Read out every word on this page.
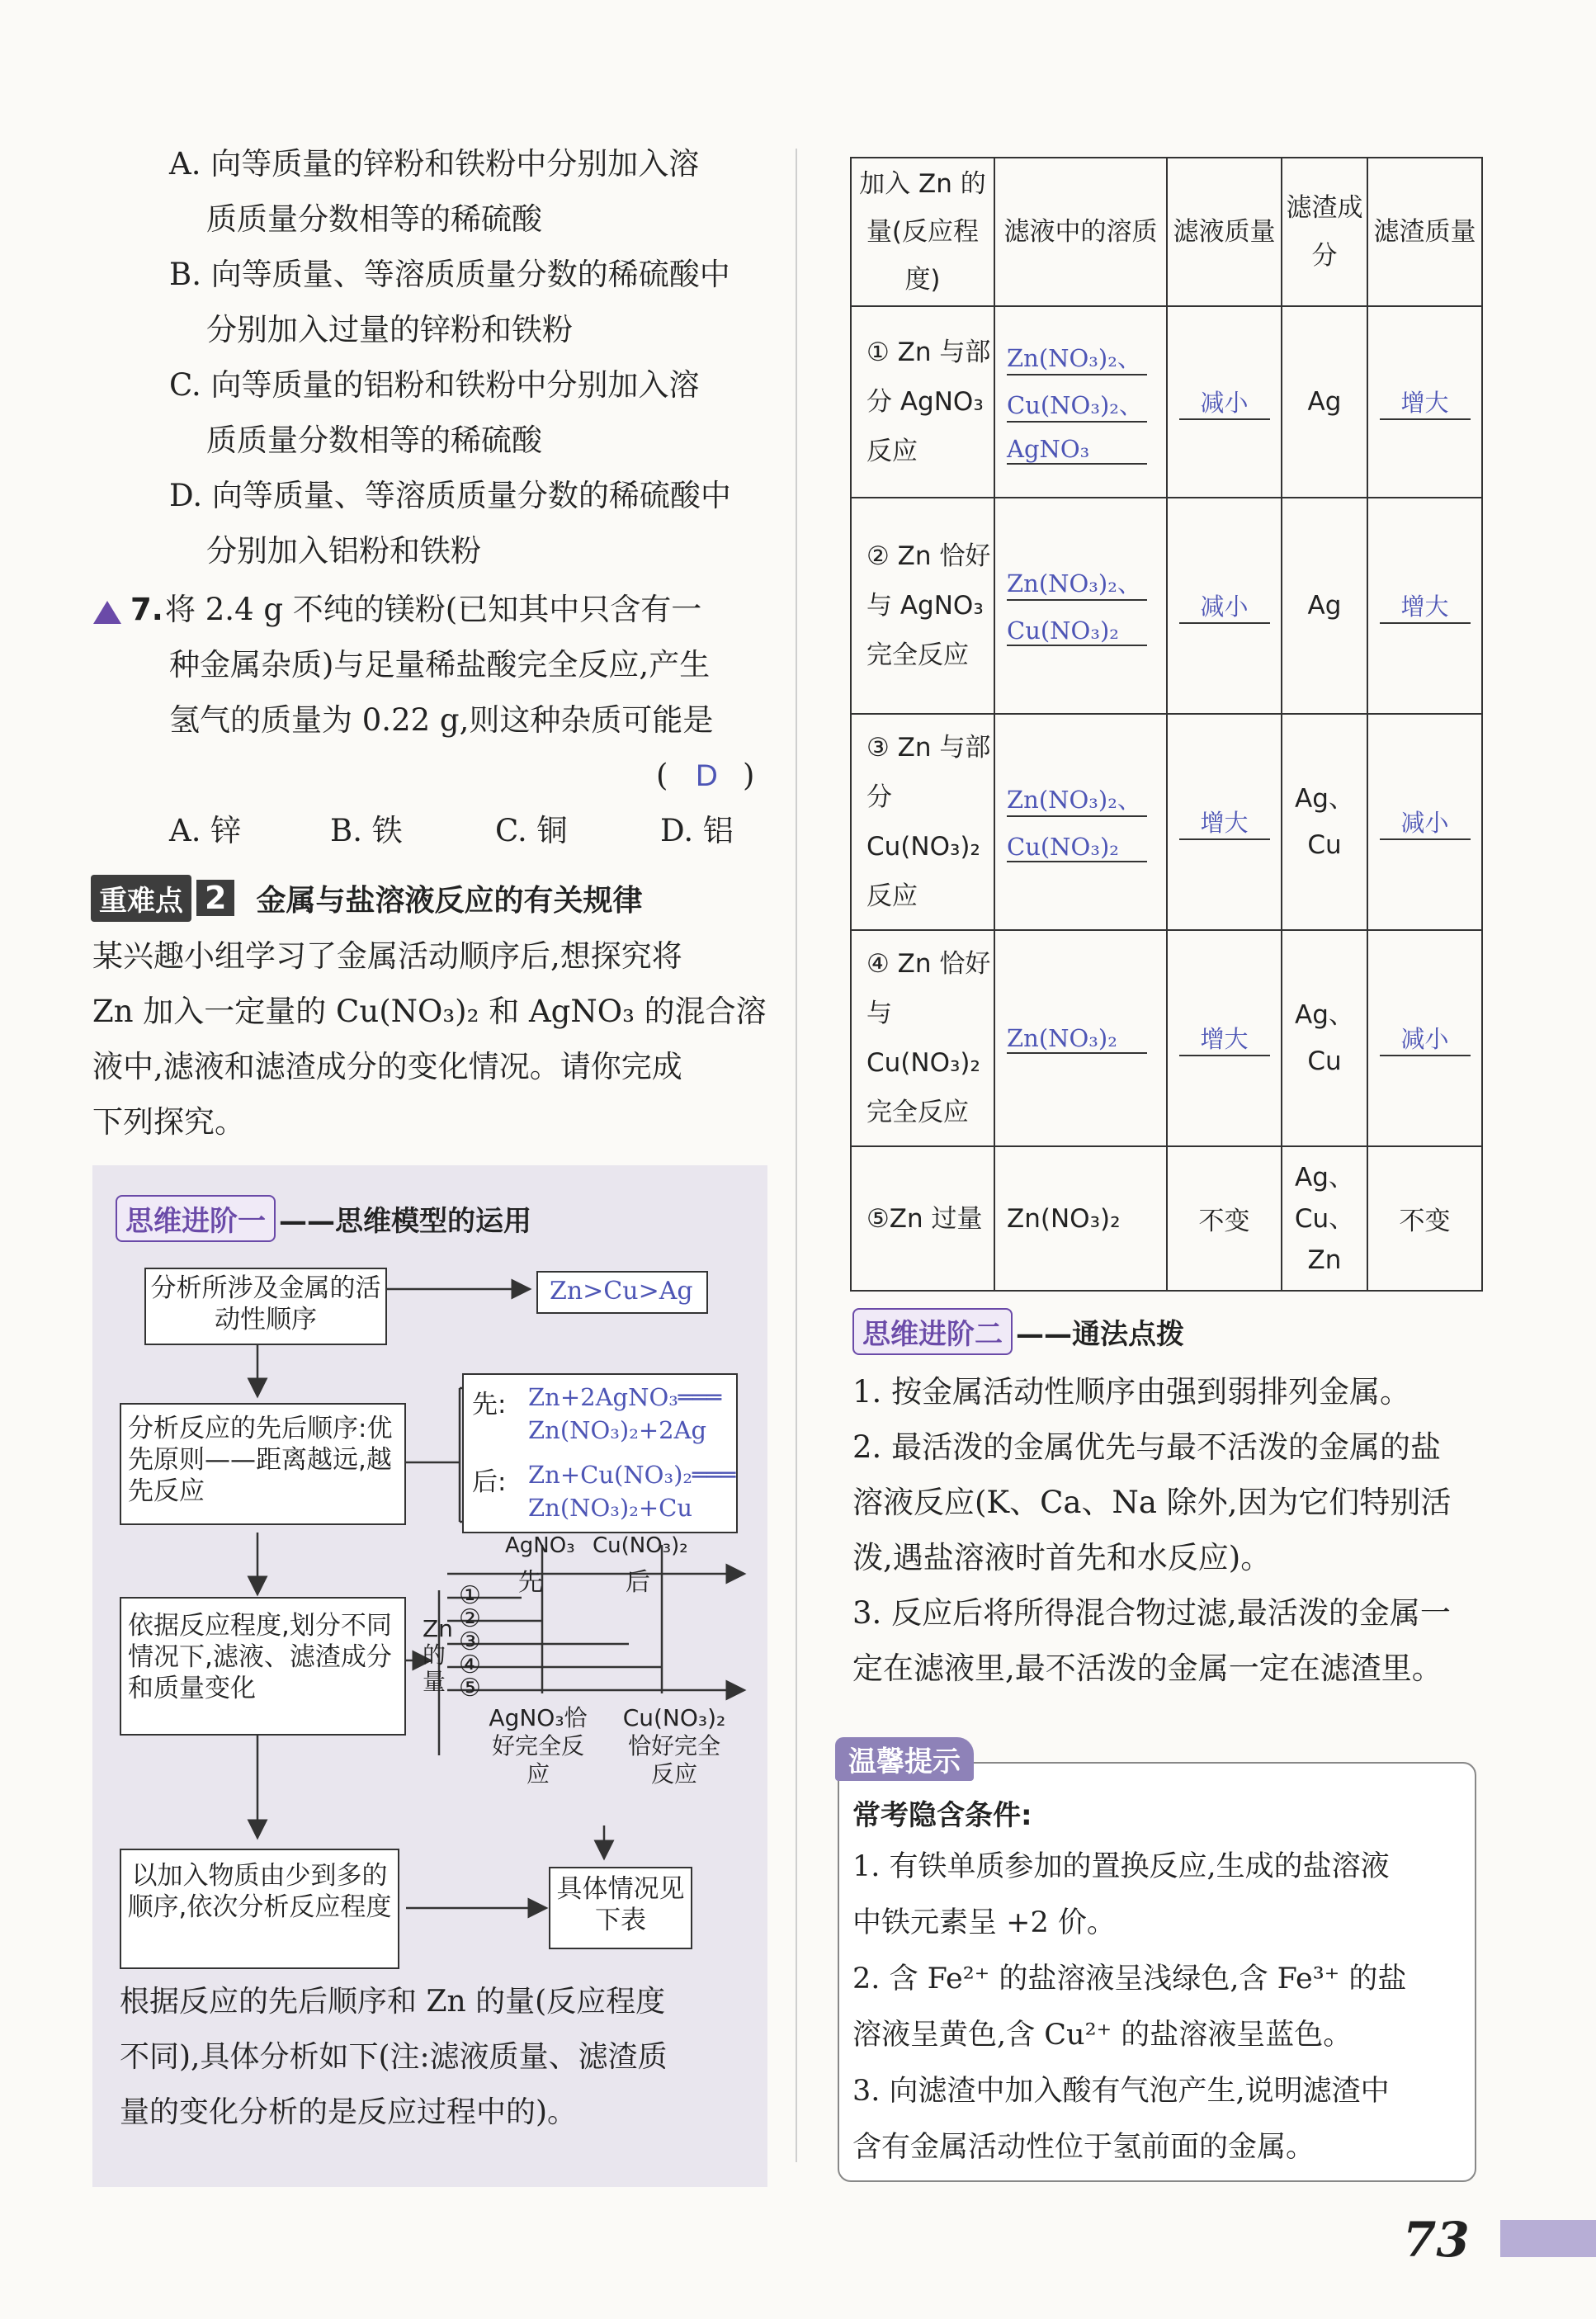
A. 向等质量的锌粉和铁粉中分别加入溶
质质量分数相等的稀硫酸
B. 向等质量、等溶质质量分数的稀硫酸中
分别加入过量的锌粉和铁粉
C. 向等质量的铝粉和铁粉中分别加入溶
质质量分数相等的稀硫酸
D. 向等质量、等溶质质量分数的稀硫酸中
分别加入铝粉和铁粉
7. 将 2.4 g 不纯的镁粉(已知其中只含有一
种金属杂质)与足量稀盐酸完全反应,产生
氢气的质量为 0.22 g,则这种杂质可能是
( D )
A. 锌	B. 铁	C. 铜	D. 铝
重难点 2 金属与盐溶液反应的有关规律
某兴趣小组学习了金属活动顺序后,想探究将
Zn 加入一定量的 Cu(NO₃)₂ 和 AgNO₃ 的混合溶
液中,滤液和滤渣成分的变化情况。请你完成
下列探究。
思维进阶一 ——思维模型的运用
分析所涉及金属的活动性顺序
Zn>Cu>Ag
分析反应的先后顺序:优先原则——距离越远,越先反应
先: Zn+2AgNO₃═══
Zn(NO₃)₂+2Ag
后: Zn+Cu(NO₃)₂═══
Zn(NO₃)₂+Cu
依据反应程度,划分不同情况下,滤液、滤渣成分和质量变化
AgNO₃ Cu(NO₃)₂
先	后
Zn的量
①
②
③
④
⑤
AgNO₃恰好完全反应
Cu(NO₃)₂恰好完全反应
以加入物质由少到多的顺序,依次分析反应程度
具体情况见下表
根据反应的先后顺序和 Zn 的量(反应程度
不同),具体分析如下(注:滤液质量、滤渣质
量的变化分析的是反应过程中的)。
加入 Zn 的量(反应程度)	滤液中的溶质	滤液质量	滤渣成分	滤渣质量
① Zn 与部分 AgNO₃ 反应	Zn(NO₃)₂、
Cu(NO₃)₂、
AgNO₃	减小	Ag	增大
② Zn 恰好与 AgNO₃ 完全反应	Zn(NO₃)₂、
Cu(NO₃)₂	减小	Ag	增大
③ Zn 与部分 Cu(NO₃)₂ 反应	Zn(NO₃)₂、
Cu(NO₃)₂	增大	Ag、Cu	减小
④ Zn 恰好与 Cu(NO₃)₂ 完全反应	Zn(NO₃)₂	增大	Ag、Cu	减小
⑤Zn 过量	Zn(NO₃)₂	不变	Ag、Cu、Zn	不变
思维进阶二 ——通法点拨
1. 按金属活动性顺序由强到弱排列金属。
2. 最活泼的金属优先与最不活泼的金属的盐
溶液反应(K、Ca、Na 除外,因为它们特别活
泼,遇盐溶液时首先和水反应)。
3. 反应后将所得混合物过滤,最活泼的金属一
定在滤液里,最不活泼的金属一定在滤渣里。
温馨提示
常考隐含条件:
1. 有铁单质参加的置换反应,生成的盐溶液
中铁元素呈 +2 价。
2. 含 Fe²⁺ 的盐溶液呈浅绿色,含 Fe³⁺ 的盐
溶液呈黄色,含 Cu²⁺ 的盐溶液呈蓝色。
3. 向滤渣中加入酸有气泡产生,说明滤渣中
含有金属活动性位于氢前面的金属。
73
